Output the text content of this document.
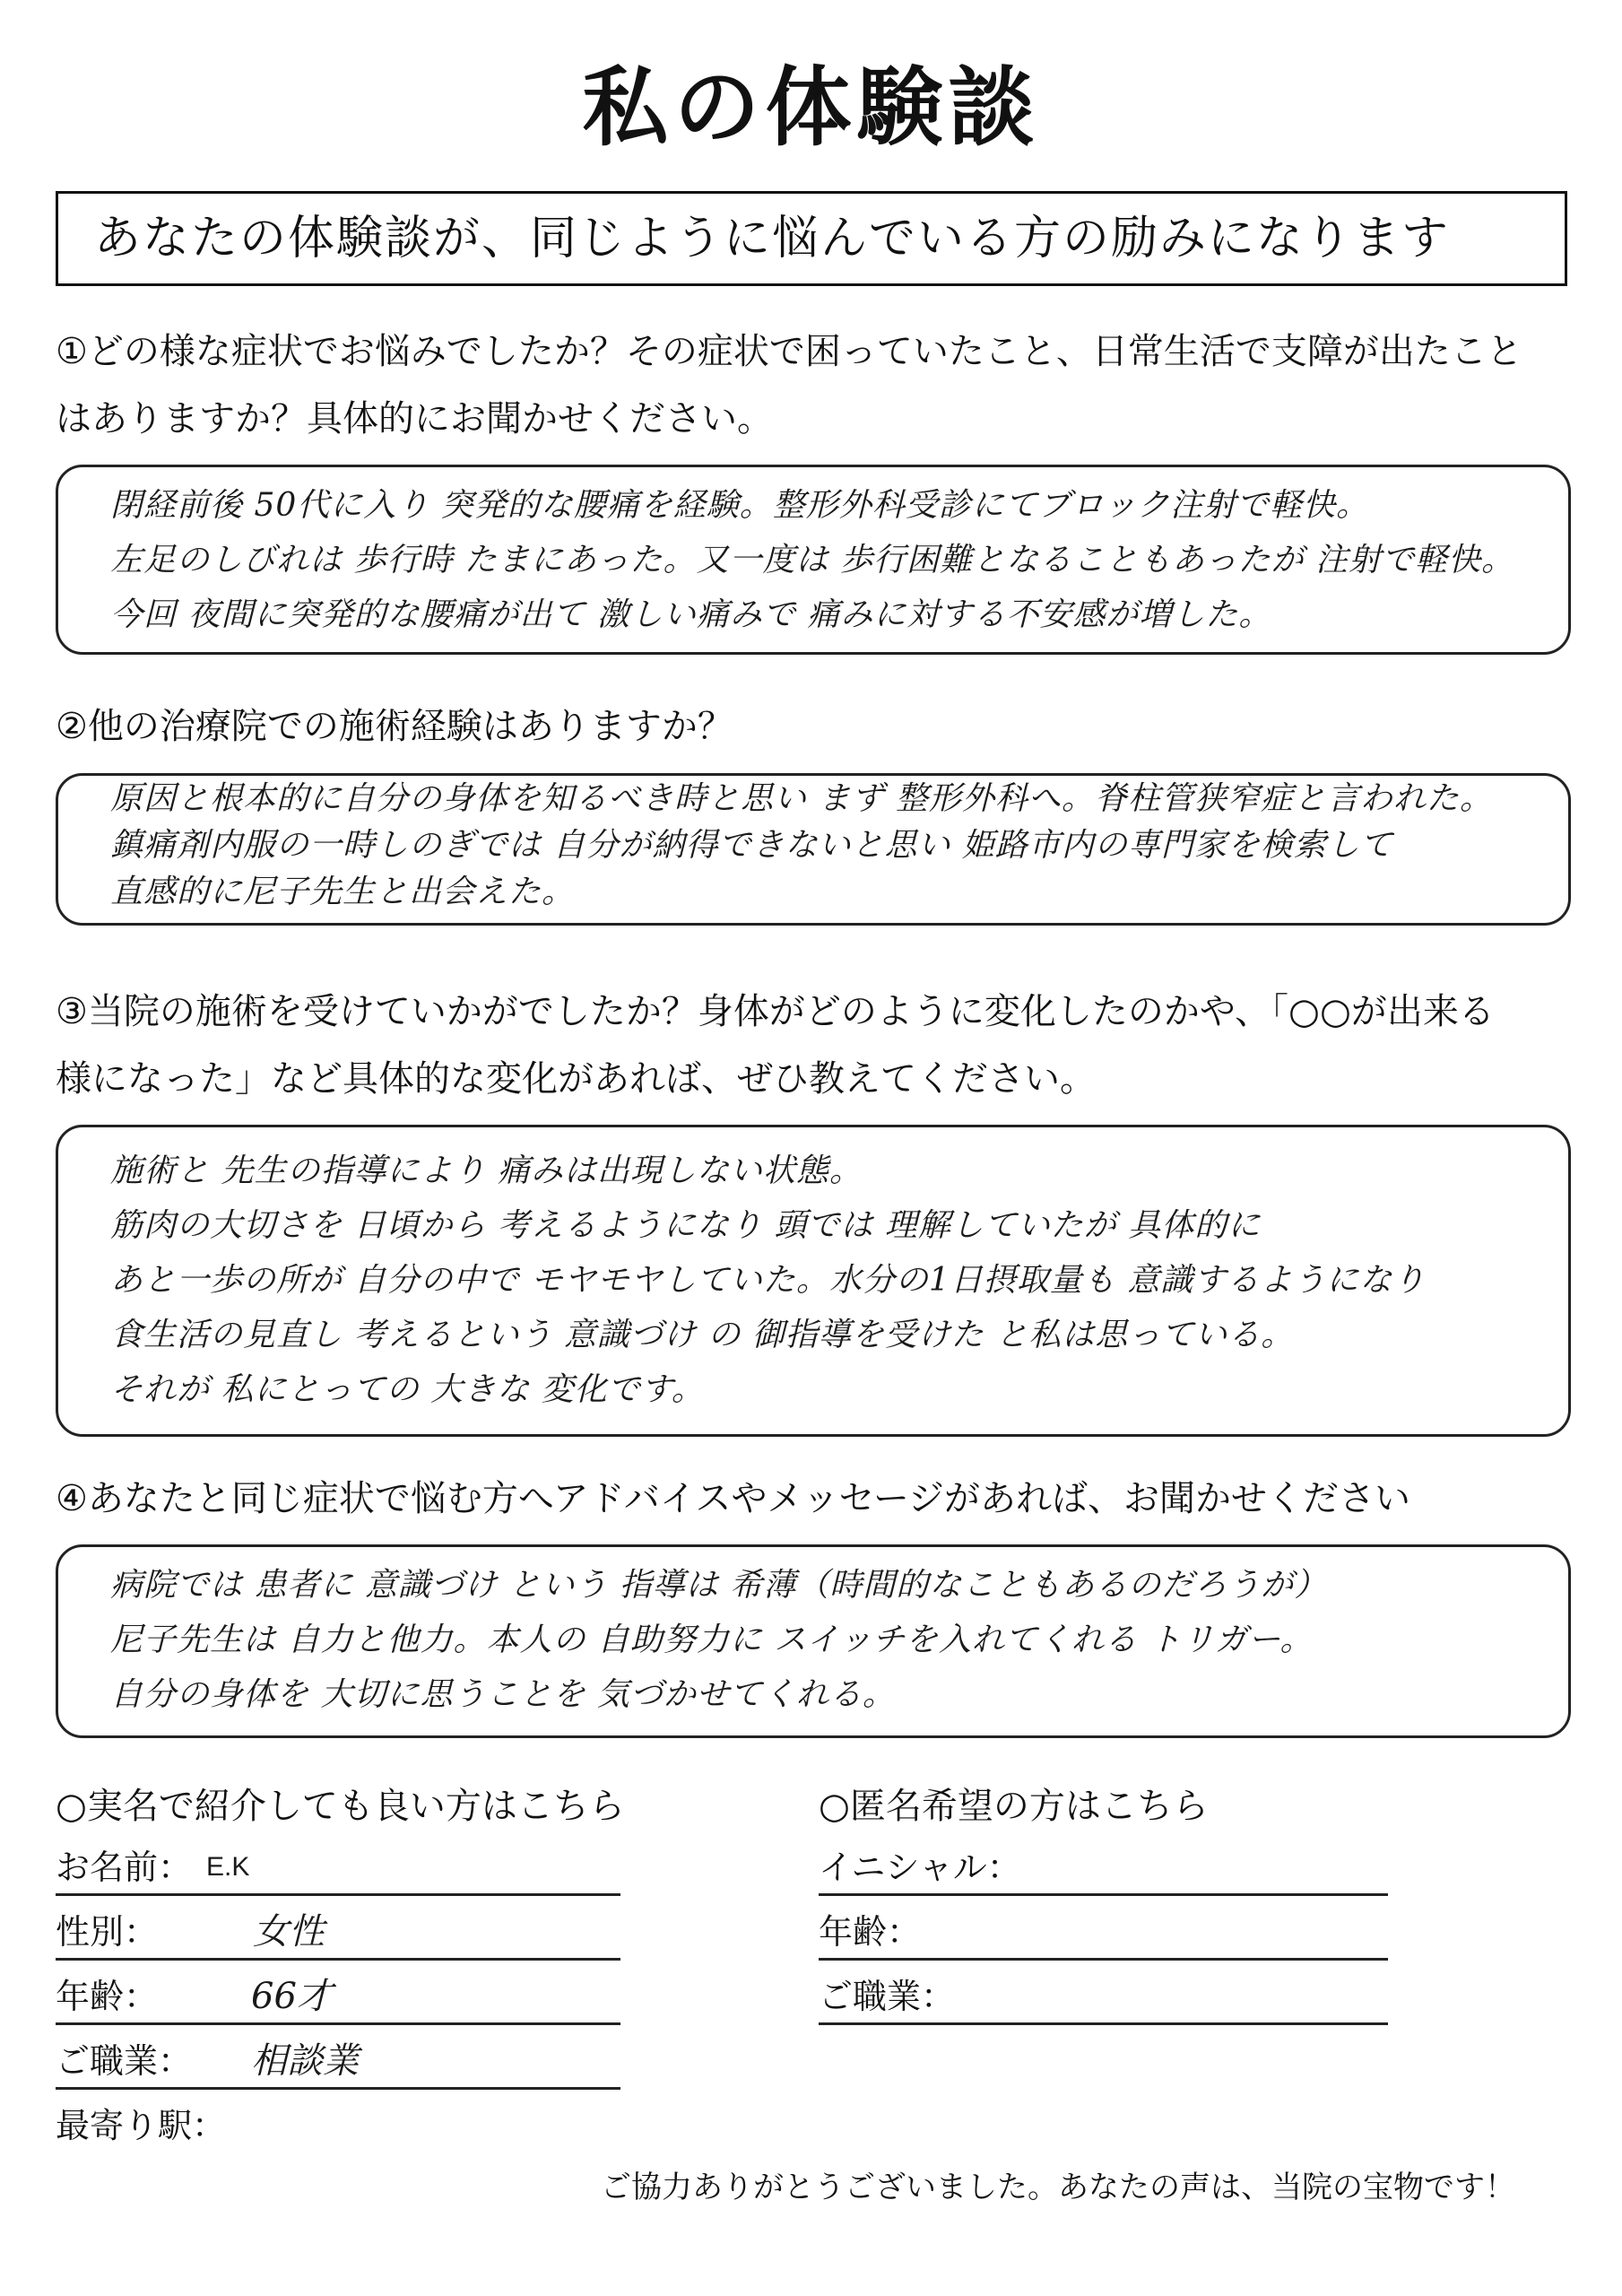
私の体験談
あなたの体験談が、同じように悩んでいる方の励みになります
①どの様な症状でお悩みでしたか？その症状で困っていたこと、日常生活で支障が出たこと
はありますか？具体的にお聞かせください。
閉経前後 50代に入り 突発的な腰痛を経験。整形外科受診にてブロック注射で軽快。
左足のしびれは 歩行時 たまにあった。又一度は 歩行困難となることもあったが 注射で軽快。
今回 夜間に突発的な腰痛が出て 激しい痛みで 痛みに対する不安感が増した。
②他の治療院での施術経験はありますか？
原因と根本的に自分の身体を知るべき時と思い まず 整形外科へ。脊柱管狭窄症と言われた。
鎮痛剤内服の一時しのぎでは 自分が納得できないと思い 姫路市内の専門家を検索して
直感的に尼子先生と出会えた。
③当院の施術を受けていかがでしたか？身体がどのように変化したのかや、「○○が出来る
様になった」など具体的な変化があれば、ぜひ教えてください。
施術と 先生の指導により 痛みは出現しない状態。
筋肉の大切さを 日頃から 考えるようになり 頭では 理解していたが 具体的に
あと一歩の所が 自分の中で モヤモヤしていた。水分の1日摂取量も 意識するようになり
食生活の見直し 考えるという 意識づけ の 御指導を受けた と私は思っている。
それが 私にとっての 大きな 変化です。
④あなたと同じ症状で悩む方へアドバイスやメッセージがあれば、お聞かせください
病院では 患者に 意識づけ という 指導は 希薄（時間的なこともあるのだろうが）
尼子先生は 自力と他力。本人の 自助努力に スイッチを入れてくれる トリガー。
自分の身体を 大切に思うことを 気づかせてくれる。
○実名で紹介しても良い方はこちら
お名前： E.K
性別：	女性
年齢：	66才
ご職業： 相談業
最寄り駅：
○匿名希望の方はこちら
イニシャル：
年齢：
ご職業：
ご協力ありがとうございました。あなたの声は、当院の宝物です！
